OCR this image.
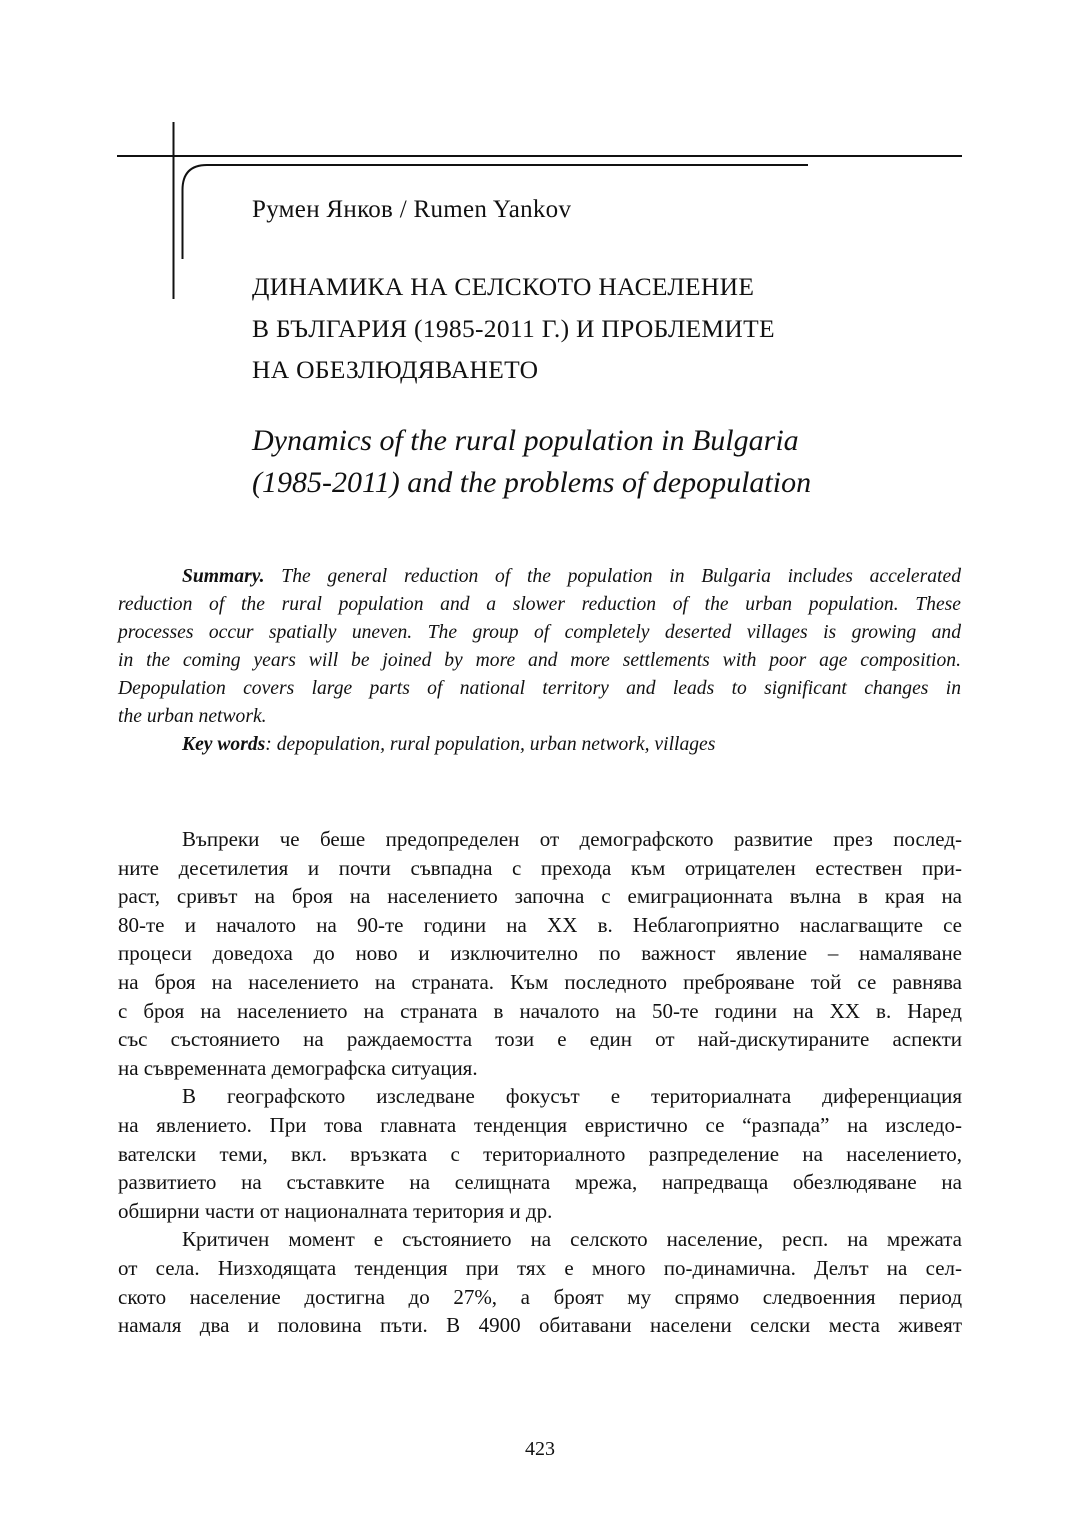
Румен Янков / Rumen Yankov
ДИНАМИКА НА СЕЛСКОТО НАСЕЛЕНИЕ
В БЪЛГАРИЯ (1985-2011 Г.) И ПРОБЛЕМИТЕ
НА ОБЕЗЛЮДЯВАНЕТО
Dynamics of the rural population in Bulgaria
(1985-2011) and the problems of depopulation
Summary. The general reduction of the population in Bulgaria includes accelerated
reduction of the rural population and a slower reduction of the urban population. These
processes occur spatially uneven. The group of completely deserted villages is growing and
in the coming years will be joined by more and more settlements with poor age composition.
Depopulation covers large parts of national territory and leads to significant changes in
the urban network.
Key words: depopulation, rural population, urban network, villages
Въпреки че беше предопределен от демографското развитие през послед-
ните десетилетия и почти съвпадна с прехода към отрицателен естествен при-
раст, сривът на броя на населението започна с емиграционната вълна в края на
80-те и началото на 90-те години на XX в. Неблагоприятно наслагващите се
процеси доведоха до ново и изключително по важност явление – намаляване
на броя на населението на страната. Към последното преброяване той се равнява
с броя на населението на страната в началото на 50-те години на XX в. Наред
със състоянието на раждаемостта този е един от най-дискутираните аспекти
на съвременната демографска ситуация.
В географското изследване фокусът е териториалната диференциация
на явлението. При това главната тенденция евристично се “разпада” на изследо-
вателски теми, вкл. връзката с териториалното разпределение на населението,
развитието на съставките на селищната мрежа, напредваща обезлюдяване на
обширни части от националната територия и др.
Критичен момент е състоянието на селското население, респ. на мрежата
от села. Низходящата тенденция при тях е много по-динамична. Делът на сел-
ското население достигна до 27%, а броят му спрямо следвоенния период
намаля два и половина пъти. В 4900 обитавани населени селски места живеят
423
